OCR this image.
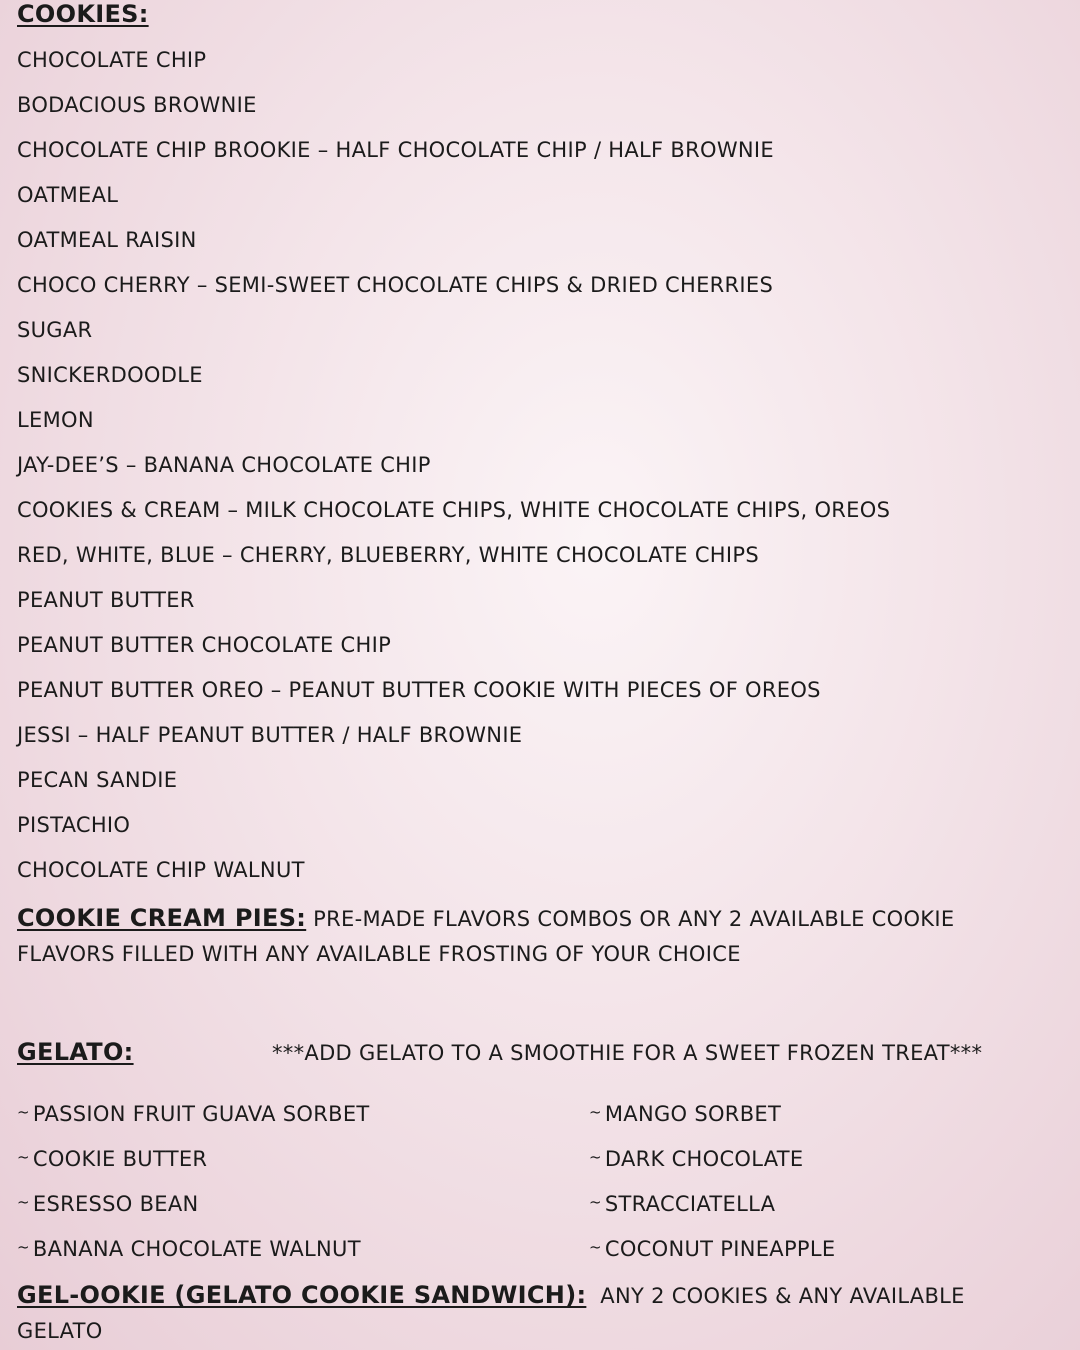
COOKIES:
CHOCOLATE CHIP
BODACIOUS BROWNIE
CHOCOLATE CHIP BROOKIE – HALF CHOCOLATE CHIP / HALF BROWNIE
OATMEAL
OATMEAL RAISIN
CHOCO CHERRY – SEMI-SWEET CHOCOLATE CHIPS & DRIED CHERRIES
SUGAR
SNICKERDOODLE
LEMON
JAY-DEE’S – BANANA CHOCOLATE CHIP
COOKIES & CREAM – MILK CHOCOLATE CHIPS, WHITE CHOCOLATE CHIPS, OREOS
RED, WHITE, BLUE – CHERRY, BLUEBERRY, WHITE CHOCOLATE CHIPS
PEANUT BUTTER
PEANUT BUTTER CHOCOLATE CHIP
PEANUT BUTTER OREO – PEANUT BUTTER COOKIE WITH PIECES OF OREOS
JESSI – HALF PEANUT BUTTER / HALF BROWNIE
PECAN SANDIE
PISTACHIO
CHOCOLATE CHIP WALNUT
COOKIE CREAM PIES: PRE-MADE FLAVORS COMBOS OR ANY 2 AVAILABLE COOKIE
FLAVORS FILLED WITH ANY AVAILABLE FROSTING OF YOUR CHOICE
GELATO:	***ADD GELATO TO A SMOOTHIE FOR A SWEET FROZEN TREAT***
~ PASSION FRUIT GUAVA SORBET
~ COOKIE BUTTER
~ ESRESSO BEAN
~ BANANA CHOCOLATE WALNUT
~ MANGO SORBET
~ DARK CHOCOLATE
~ STRACCIATELLA
~ COCONUT PINEAPPLE
GEL-OOKIE (GELATO COOKIE SANDWICH):  ANY 2 COOKIES & ANY AVAILABLE
GELATO
